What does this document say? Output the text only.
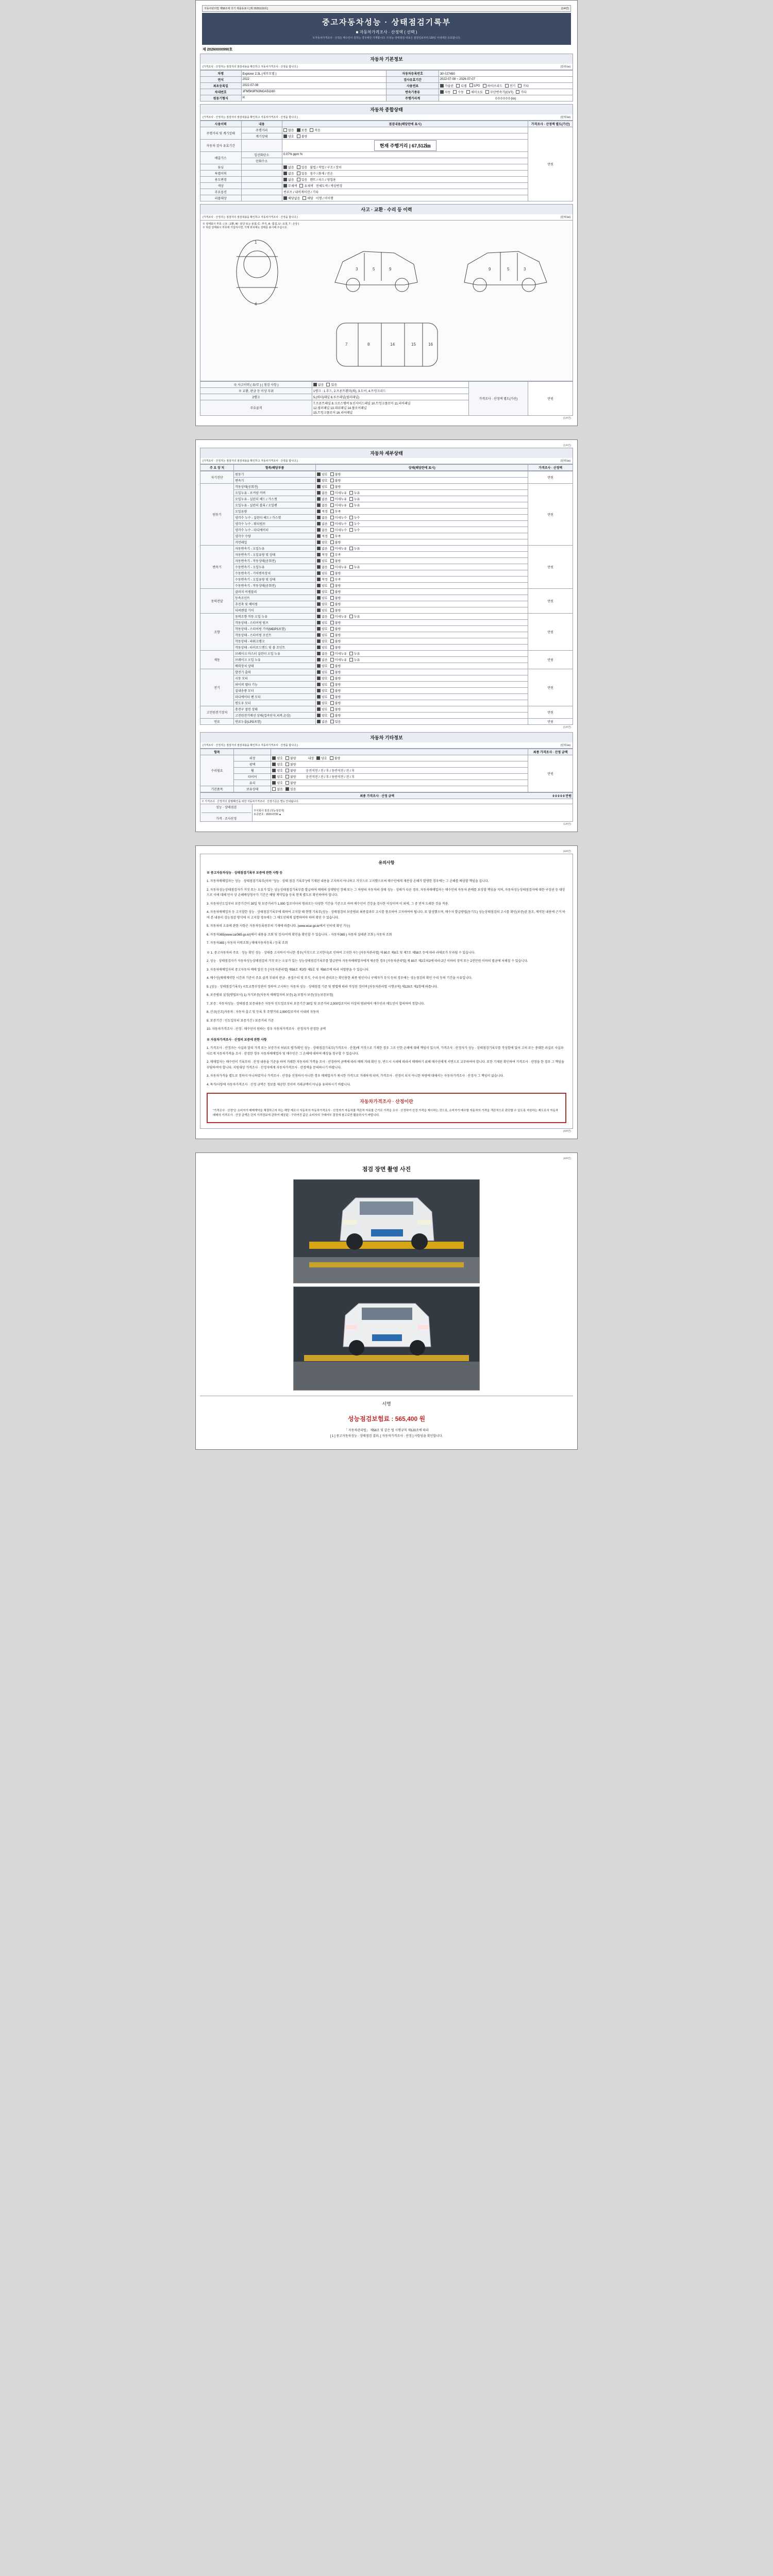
자동차관리법 제58조에 의거 제출용표시 [제 20251110호]	(1/4면)
중고자동차성능 · 상태점검기록부
■ 자동차가격조사 · 산정액 ( 선택 )
※자동차가격조사 · 산정은 매수인이 원하는 경우에만 기재합니다. ※성능·상태점검 내용은 점검일로부터 120일 이내에만 유효합니다.
제 20260000990호
자동차 기본정보
(가격조사 · 산정자는 점검자의 점검내용을 확인하고 자동차가격조사 · 산정을 합니다.)	(단위:㎞)
차명	Explorer 2.3L (세부모델 )	자동차등록번호	30나27490
연식	2022	검사유효기간	2022-07-08 ~ 2026-07-07
최초등록일	2022-07-08	사용연료	가솔린	디젤	LPG	하이브리드	전기	기타

차대번호	1FM5K8FN3NGA51160	변속기종류	자동 수동 세미오토 무단변속기(CVT) 기타

원동기형식	H	주행거리계	0 0 0 0 0 0 (㎞)
자동차 종합상태
(가격조사 · 산정자는 점검자의 점검내용을 확인하고 자동차가격조사 · 산정을 합니다.)	(단위:㎞)
사용이력	내용	점검내용(해당란에 표시)	가격조사 · 산정액 별도(가산)
주행거리 및 계기상태	주행거리	많음 보통 적음	만원
	계기상태	양호 불량	

자동차 검사 유효기간		현재 주행거리 | 67,512㎞	
배출가스	일산화탄소	0.07% ppm %	
	탄화수소		
튜닝		없음 있음 불법 / 적법 / 구조 / 장치	

특별이력		없음 있음 침수 / 화재 / 전손	

용도변경		없음 있음 렌트 / 리스 / 영업용	

색상		무채색 유채색 전체도색 / 색상변경	

주요옵션		썬루프 / 내비게이션 / 기타	
리콜대상		해당없음 해당 이행 / 미이행	
사고 · 교환 · 수리 등 이력
(가격조사 · 산정자는 점검자의 점검내용을 확인하고 자동차가격조사 · 산정을 합니다.)	(단위:㎞)
※ 상태표시 부호 : ( X : 교환, W : 판금 또는 용접, C : 부식, A : 흠집, U : 요철, T : 손상 )
※ 하단 상태표시 부호에 기입하시면, 기재 위치에도 상태를 표시해 주십시오
1
4
3	5	9	3
5
9
7	8	14	15	16
※ 사고이력 ( 유/무 ) ( 점검 사항 )	없음 있음	가격조사 · 산정액 별도(가산)	만원
※ 교환, 판금 등 이상 부위	1랭크 : 1.후드, 2.프론트휀더(좌), 3.도어, 4.트렁크리드		
2랭크	5.(쿼터)패널 6.루프패널(필러패널)		
주요골격	7.프론트패널 8.크로스멤버 9.인사이드패널 10.트렁크플로어 11.리어패널
12.필러패널 13.대쉬패널 14.플로어패널
15.트렁크플로어 16.리어패널		
(1/4면)
(1/4면)
자동차 세부상태
(가격조사 · 산정자는 점검자의 점검내용을 확인하고 자동차가격조사 · 산정을 합니다.)	(단위:㎞)
주 요 장 치	항목/해당부품	상태(해당란에 표시)	가격조사 · 산정액
자기진단	원동기	양호 불량	만원
	변속기	양호 불량	

원동기	작동상태(공회전)	양호 불량	만원
	오일누유 - 로커암 커버	없음 미세누유 누유	

	오일누유 - 실린더 헤드 / 가스켓	없음 미세누유 누유	

	오일누유 - 실린더 블록 / 오일팬	없음 미세누유 누유	

	오일유량	적정 부족	

	냉각수 누수 - 실린더 헤드 / 가스켓	없음 미세누수 누수	

	냉각수 누수 - 워터펌프	없음 미세누수 누수	

	냉각수 누수 - 라디에이터	없음 미세누수 누수	

	냉각수 수량	적정 부족	

	커먼레일	양호 불량	

변속기	자동변속기 - 오일누유	없음 미세누유 누유	만원
	자동변속기 - 오일유량 및 상태	적정 부족	

	자동변속기 - 작동상태(공회전)	양호 불량	

	수동변속기 - 오일누유	없음 미세누유 누유	

	수동변속기 - 기어변속장치	양호 불량	

	수동변속기 - 오일유량 및 상태	적정 부족	

	수동변속기 - 작동상태(공회전)	양호 불량	

동력전달	클러치 어셈블리	양호 불량	만원
	등속조인트	양호 불량	

	추진축 및 베어링	양호 불량	

	디퍼렌셜 기어	양호 불량	

조향	동력조향 작동 오일 누유	없음 미세누유 누유	만원
	작동상태 - 스티어링 펌프	양호 불량	

	작동상태 - 스티어링 기어(MDPS포함)	양호 불량	

	작동상태 - 스티어링 조인트	양호 불량	

	작동상태 - 파워크랭크	양호 불량	

	작동상태 - 타이로드엔드 및 볼 조인트	양호 불량	

제동	브레이크 마스터 실린더 오일 누유	없음 미세누유 누유	만원
	브레이크 오일 누유	없음 미세누유 누유	

	배력장치 상태	양호 불량	

전기	발전기 출력	양호 불량	만원
	시동 모터	양호 불량	

	와이퍼 델타 기능	양호 불량	

	실내송풍 모터	양호 불량	

	라디에이터 팬 모터	양호 불량	

	윈도우 모터	양호 불량	

고전원전기장치	충전구 절연 상태	양호 불량	만원
	고전원전기배선 상태(접속단자,피복,손상)	양호 불량	

연료	연료누출(LPG포함)	없음 있음	만원
(1/4면)
자동차 기타정보
(가격조사 · 산정자는 점검자의 점검내용을 확인하고 자동차가격조사 · 산정을 합니다.)	(단위:㎞)
항목			최종 가격조사 · 산정 금액
수리필요	외장	양호 불량 내장 양호 불량	만원
	광택	양호 불량	

	휠	양호 불량 운전석전 / 전 / 후 / 동반석전 / 전 / 후	

	타이어	양호 불량 운전석전 / 전 / 후 / 동반석전 / 전 / 후	

	유리	양호 불량	

기본품목	보유상태	없음 있음	
최종 가격조사 · 산정 금액	0 0 0 0 0 만원

※ 가격조사 · 산정자의 설명/확인을 위한 자동차가격조사 · 산정기준은 별도 안내됩니다.

성능 · 상태점검
가격 · 조사산정

주식회사 점검 (성능점검자)
보증번호 : 1533-0730 ▲
(1/4면)
(4/4면)
유의사항

※ 중고자동차성능 · 상태점검기록부 보증에 관한 사항 등

1. 자동차매매업자는 성능 · 상태점검기록부(이하 "성능 · 상태 점검 기록부")에 기재된 내용을 고지하지 아니하고 거짓으로 고지했으로써 매수인에게 재산상 손해가 발생한 경우에는 그 손해를 배상할 책임을 집니다.

2. 자동차성능상태점검자가 거짓 또는 오류가 있는 성능상태점검기록부를 발급하여 매매의 상대방인 장해 또는 그 차량의 자동차의 상태 성능 · 상태가 다른 경우, 자동차매매업자는 매수인의 자동차 관매를 보상할 책임을 지며, 자동차성능상태점검자에 대한 구상권 등 대상으로 이에 대해 민사 상 손해배상청구가 기간은 해당 계약일을 등록 현재 별도로 확인하여야 합니다.

3. 자동차인도일부터 보증기간이 30일 및 보증거리가 1,000 킬로미터의 범위로는 다양한 기간을 기준으로 하며 매수인이 건강을 검사한 이상이며 이 외에, 그 중 먼저 도래한 것을 적용.

4. 자동차매매업자 등 고지할한 성능 · 상태점검기록부에 대하여 고지할 때 현행 기록부(성능 · 상태점검의 보증범위 최종결과부 고시를 참조하여 고지하여야 됩니다. 또 달성했으며, 매수자 발급방법(동기도) 성능상태점검의 고시를 확인(보증)권 참조, 계약된 내용에 근거 하여 본 내용이 성능점검 방식에 지 고지할 경우에는 그 매도인에게 설명하여야 하여 확인 수 있습니다.

5. 자동차의 소유에 관한 사항은 자동차등록원부의 기재에 따릅니다. (www.ecar.go.kr에서 인터넷 확인 가능)

6. 자동차365(www.car365.go.kr)에서 내용을 조회 및 검사/이력 확인을 확인할 수 있습니다. - 자동차365 ) 자동차 실태관 조회 ) 자동차 조회

7. 자동차365 ) 자동차 이력조회 ) 매매자동차등록 / 등록 조회

※ 1. 중고자동차의 주요 · 성능 확인 성능 · 상태를 고지하지 아니한 경우(거짓으로 고지한다)로 인하여 고지한 자는 [자동차관리법] 제 80조 제8호 및 제7조 제58조 등에 따라 과태료가 부과될 수 있습니다.

2. 성능 · 상태점검자가 자동차성능상태점검의 거짓 또는 오류가 있는 성능상태점검기록부를 발급받아 자동차매매업자에게 제공한 경우 [자동차관리법] 제 80조 제2호의2에 따라 2년 이하의 징역 또는 2천만원 이하의 벌금에 처해질 수 있습니다.

3. 자동차매매업자의 중고자동차 매매 알선 등 [자동차관리법] 제58조 제3항 제5호 및 제80조에 따라 처벌받을 수 있습니다.

4. 매수인(매매계약한 시간과 기준이 주요 골격 부위의 판금 · 용접수리 및 부식, 수리 등의 관리로는 확인용한 최종 원인이나 구매자가 부식 등의 경우에는 성능점검의 확인 수리 등의 기간을 사유입니다.

5. (성능 · 상태점검기록부) 국토교통부장관이 정하여 고시하는 자동차 성능 · 상태점검 기준 및 방법에 따라 작성된 것이며 [자동차관리법 시행규칙] 제120조 제1항에 따릅니다.

6. 보증범위 설정(방법보시) 1) 자기보증(자동차 매매업자의 보증) 2) 보험사 보증(성능보증보험)

7. 보증 : 자동차성능 · 상태점검 보증내용은 자동차 인도일로부터 보증기간 30일 및 보증거리 2,000킬로미터 이상의 범위에서 매수인과 매도인이 합의하여 정합니다.

8. 신규(신조)자동차 : 자동차 출고 및 등록 후 주행거리 2,000킬로미터 이내의 자동차

9. 보증기간 : 인도일부터 보증기간 / 보증거리 기준

10. 자동차가격조사 · 산정 : 매수인이 원하는 경우 자동차가격조사 · 산정자가 산정한 금액

※ 자동차가격조사 · 산정의 보증에 관한 사항

1. 가격조사 · 산정자는 사실과 달리 가격 또는 보증가치 허위로 평가/확인 성능 · 상태점검기록부(가격조사 · 산정)에 거짓으로 기재한 경우 그로 인한 손해에 대해 책임이 있으며, 가격조사 · 산정자가 성능 · 상태점검기록부를 작성함에 있어 고의 또는 중대한 과실로 사실과 다르게 자동차가격을 조사 · 산정한 경우 자동차매매업자 및 매수인은 그 손해에 대하여 배상을 청구할 수 있습니다.

2. 매매업자는 매수인이 기록부의 · 산정 내용을 기준을 하여 거래한 자동차의 가격을 조사 · 산정하여 금액에 따라 매매 거래 확인 등, 반드시 시세에 따라서 매매하기 위해 매수인에게 서면으로 교부하여야 합니다. 또한 기재된 확인하여 가격조사 · 산정을 한 경우 그 책임을 부담하여야 합니다. 지원대상 가격조사 · 산정자에게 자동차가격조사 · 산정액을 문의하시기 바랍니다.

3. 자동차가격을 별도로 정하지 아니하였거나 가격조사 · 산정을 신청하지 아니한 경우 매매업자가 제시한 가격으로 거래하게 되며, 가격조사 · 산정이 되지 아니한 차량에 대해서는 자동차가격조사 · 산정자 그 책임이 없습니다.

4. 특가/사항에 자동차가격조사 · 산정 금액은 정보를 제공한 것이며 거래금액이 아님을 유의하시기 바랍니다.

자동차가격조사 · 산정이란
"가격조사 · 산정"은 소비자가 매매계약을 체결하고자 하는 해당 제조사 자동차의 자동차가격조사 · 산정자가 자동차를 객관적 자료를 근거로 가격을 조사 · 산정하여 산정 가격을 제시하는 것으로, 소비자가 매수할 자동차의 가격을 객관적으로 판단할 수 있도록 지원하는 제도로서 자동차 매매의 가격조사 · 산정 금액은 단지 가격정보에 관하여 제공된 · 구하여진 값은 소비자의 구매여부 결정에 참고로만 활용하시기 바랍니다.
(4/4면)
(4/4면)
점검 장면 촬영 사진
서명
성능점검보험료 : 565,400 원
「 자동차관리법」 제58조 및 같은 법 시행규칙 제120조에 따라
[ 1 ] 중고자동차성능 · 상태점검 결과, [ 자동차가격조사 · 산정 ] 사항임을 확인합니다.
